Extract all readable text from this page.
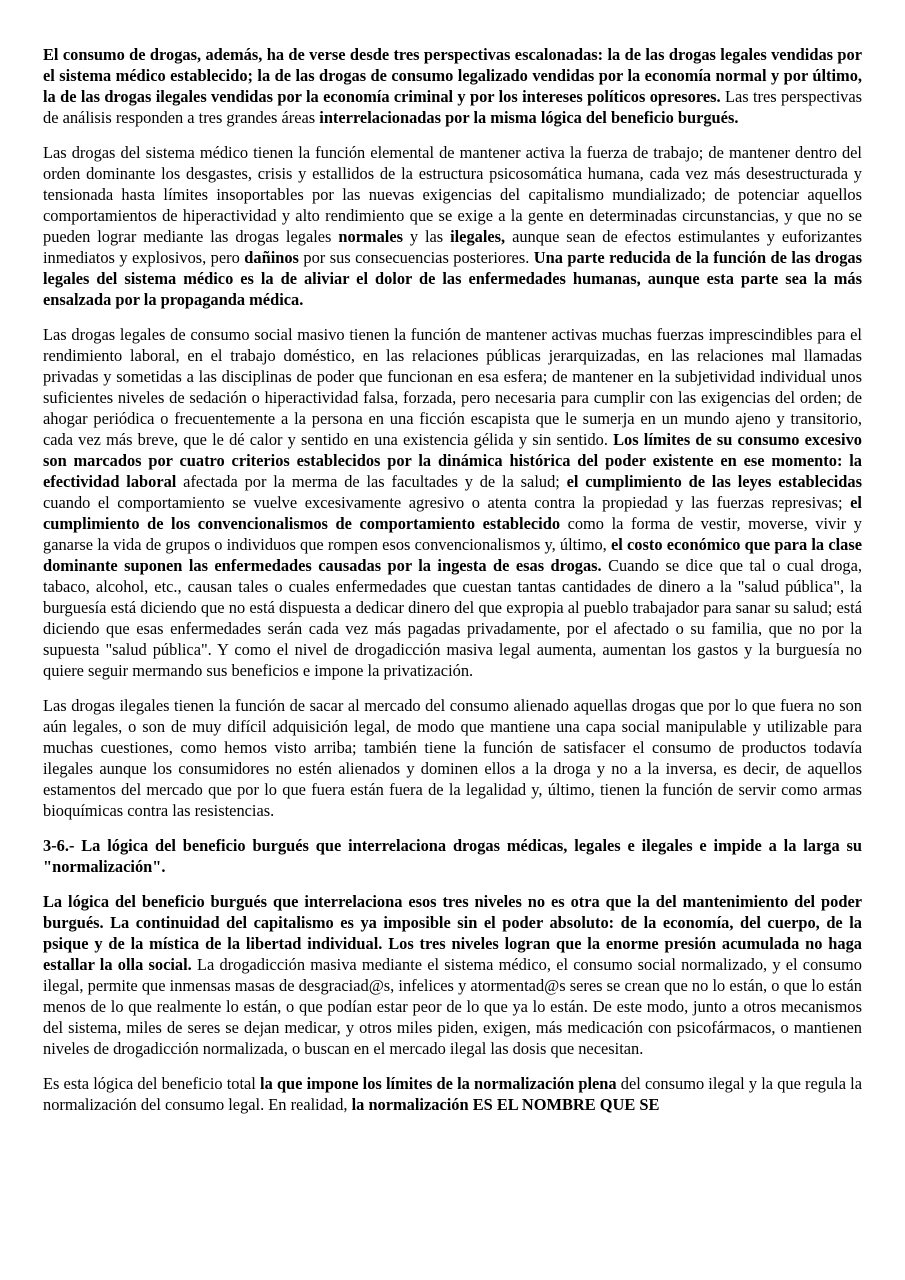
El consumo de drogas, además, ha de verse desde tres perspectivas escalonadas: la de las drogas legales vendidas por el sistema médico establecido; la de las drogas de consumo legalizado vendidas por la economía normal y por último, la de las drogas ilegales vendidas por la economía criminal y por los intereses políticos opresores. Las tres perspectivas de análisis responden a tres grandes áreas interrelacionadas por la misma lógica del beneficio burgués.

Las drogas del sistema médico tienen la función elemental de mantener activa la fuerza de trabajo; de mantener dentro del orden dominante los desgastes, crisis y estallidos de la estructura psicosomática humana, cada vez más desestructurada y tensionada hasta límites insoportables por las nuevas exigencias del capitalismo mundializado; de potenciar aquellos comportamientos de hiperactividad y alto rendimiento que se exige a la gente en determinadas circunstancias, y que no se pueden lograr mediante las drogas legales normales y las ilegales, aunque sean de efectos estimulantes y euforizantes inmediatos y explosivos, pero dañinos por sus consecuencias posteriores. Una parte reducida de la función de las drogas legales del sistema médico es la de aliviar el dolor de las enfermedades humanas, aunque esta parte sea la más ensalzada por la propaganda médica.

Las drogas legales de consumo social masivo tienen la función de mantener activas muchas fuerzas imprescindibles para el rendimiento laboral, en el trabajo doméstico, en las relaciones públicas jerarquizadas, en las relaciones mal llamadas privadas y sometidas a las disciplinas de poder que funcionan en esa esfera; de mantener en la subjetividad individual unos suficientes niveles de sedación o hiperactividad falsa, forzada, pero necesaria para cumplir con las exigencias del orden; de ahogar periódica o frecuentemente a la persona en una ficción escapista que le sumerja en un mundo ajeno y transitorio, cada vez más breve, que le dé calor y sentido en una existencia gélida y sin sentido. Los límites de su consumo excesivo son marcados por cuatro criterios establecidos por la dinámica histórica del poder existente en ese momento: la efectividad laboral afectada por la merma de las facultades y de la salud; el cumplimiento de las leyes establecidas cuando el comportamiento se vuelve excesivamente agresivo o atenta contra la propiedad y las fuerzas represivas; el cumplimiento de los convencionalismos de comportamiento establecido como la forma de vestir, moverse, vivir y ganarse la vida de grupos o individuos que rompen esos convencionalismos y, último, el costo económico que para la clase dominante suponen las enfermedades causadas por la ingesta de esas drogas. Cuando se dice que tal o cual droga, tabaco, alcohol, etc., causan tales o cuales enfermedades que cuestan tantas cantidades de dinero a la "salud pública", la burguesía está diciendo que no está dispuesta a dedicar dinero del que expropia al pueblo trabajador para sanar su salud; está diciendo que esas enfermedades serán cada vez más pagadas privadamente, por el afectado o su familia, que no por la supuesta "salud pública". Y como el nivel de drogadicción masiva legal aumenta, aumentan los gastos y la burguesía no quiere seguir mermando sus beneficios e impone la privatización.

Las drogas ilegales tienen la función de sacar al mercado del consumo alienado aquellas drogas que por lo que fuera no son aún legales, o son de muy difícil adquisición legal, de modo que mantiene una capa social manipulable y utilizable para muchas cuestiones, como hemos visto arriba; también tiene la función de satisfacer el consumo de productos todavía ilegales aunque los consumidores no estén alienados y dominen ellos a la droga y no a la inversa, es decir, de aquellos estamentos del mercado que por lo que fuera están fuera de la legalidad y, último, tienen la función de servir como armas bioquímicas contra las resistencias.

3-6.- La lógica del beneficio burgués que interrelaciona drogas médicas, legales e ilegales e impide a la larga su "normalización".

La lógica del beneficio burgués que interrelaciona esos tres niveles no es otra que la del mantenimiento del poder burgués. La continuidad del capitalismo es ya imposible sin el poder absoluto: de la economía, del cuerpo, de la psique y de la mística de la libertad individual. Los tres niveles logran que la enorme presión acumulada no haga estallar la olla social. La drogadicción masiva mediante el sistema médico, el consumo social normalizado, y el consumo ilegal, permite que inmensas masas de desgraciad@s, infelices y atormentad@s seres se crean que no lo están, o que lo están menos de lo que realmente lo están, o que podían estar peor de lo que ya lo están. De este modo, junto a otros mecanismos del sistema, miles de seres se dejan medicar, y otros miles piden, exigen, más medicación con psicofármacos, o mantienen niveles de drogadicción normalizada, o buscan en el mercado ilegal las dosis que necesitan.

Es esta lógica del beneficio total la que impone los límites de la normalización plena del consumo ilegal y la que regula la normalización del consumo legal. En realidad, la normalización ES EL NOMBRE QUE SE
